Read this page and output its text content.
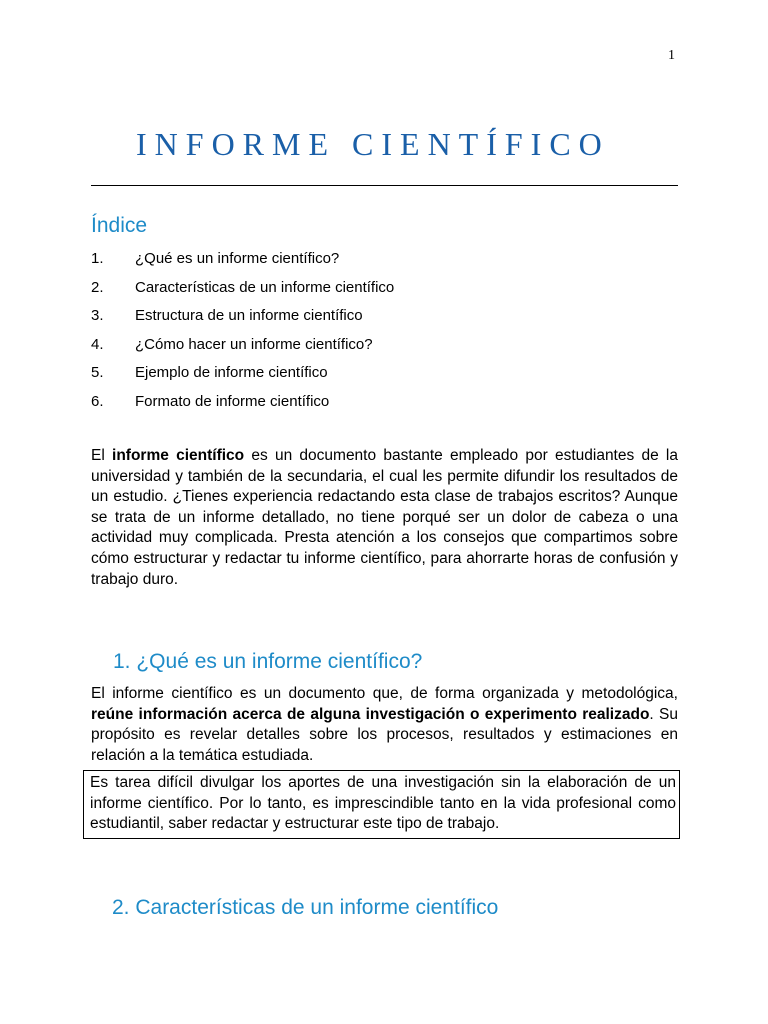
1
INFORME CIENTÍFICO
Índice
1. ¿Qué es un informe científico?
2. Características de un informe científico
3. Estructura de un informe científico
4. ¿Cómo hacer un informe científico?
5. Ejemplo de informe científico
6. Formato de informe científico

El informe científico es un documento bastante empleado por estudiantes de la universidad y también de la secundaria, el cual les permite difundir los resultados de un estudio. ¿Tienes experiencia redactando esta clase de trabajos escritos? Aunque se trata de un informe detallado, no tiene porqué ser un dolor de cabeza o una actividad muy complicada. Presta atención a los consejos que compartimos sobre cómo estructurar y redactar tu informe científico, para ahorrarte horas de confusión y trabajo duro.

1. ¿Qué es un informe científico?

El informe científico es un documento que, de forma organizada y metodológica, reúne información acerca de alguna investigación o experimento realizado. Su propósito es revelar detalles sobre los procesos, resultados y estimaciones en relación a la temática estudiada.

Es tarea difícil divulgar los aportes de una investigación sin la elaboración de un informe científico. Por lo tanto, es imprescindible tanto en la vida profesional como estudiantil, saber redactar y estructurar este tipo de trabajo.

2. Características de un informe científico
